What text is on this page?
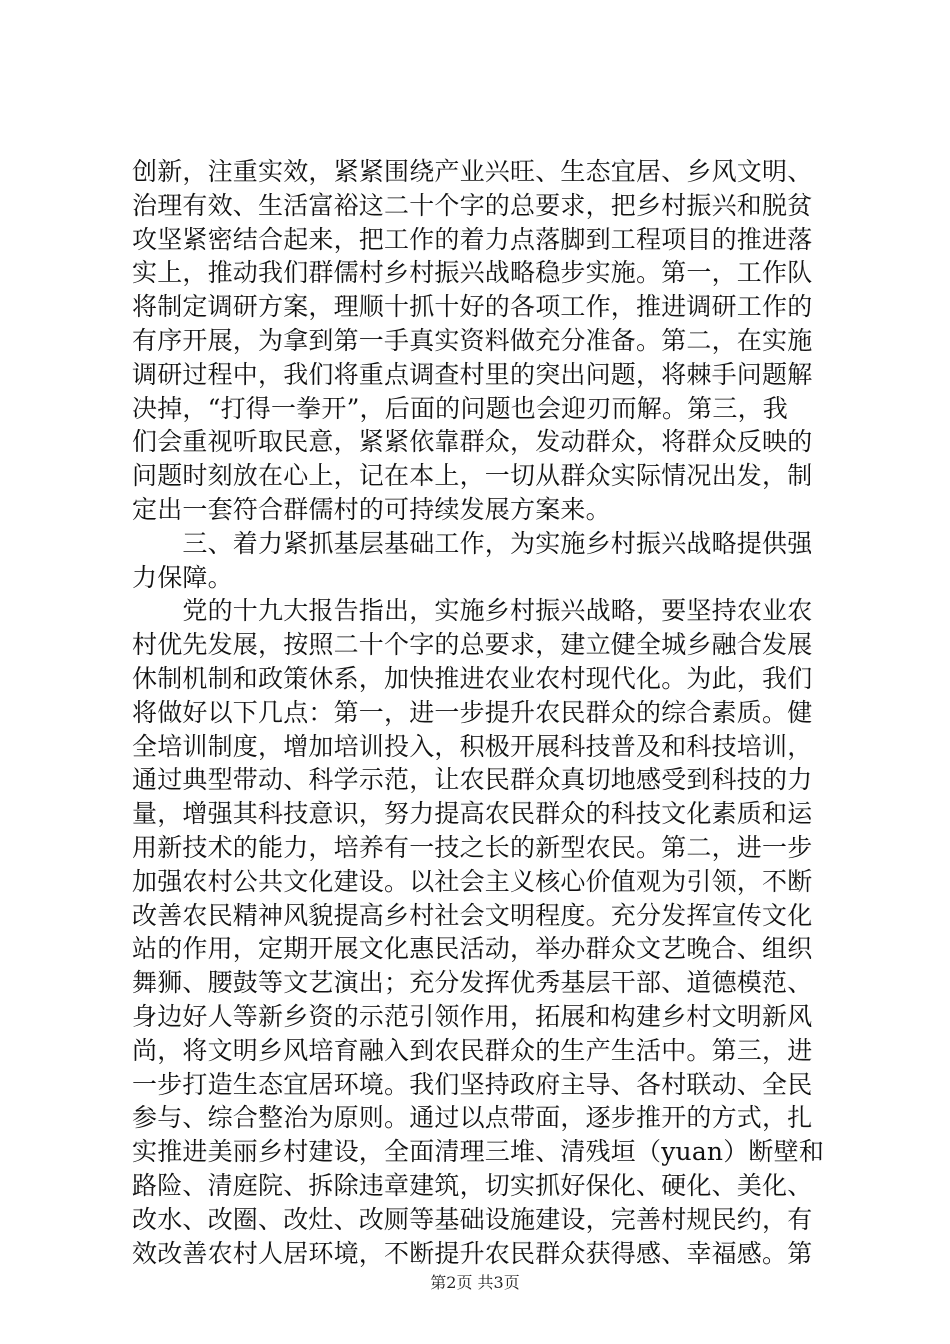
创新，注重实效，紧紧围绕产业兴旺、生态宜居、乡风文明、
治理有效、生活富裕这二十个字的总要求，把乡村振兴和脱贫
攻坚紧密结合起来，把工作的着力点落脚到工程项目的推进落
实上，推动我们群儒村乡村振兴战略稳步实施。第一，工作队
将制定调研方案，理顺十抓十好的各项工作，推进调研工作的
有序开展，为拿到第一手真实资料做充分准备。第二，在实施
调研过程中，我们将重点调查村里的突出问题，将棘手问题解
决掉，“打得一拳开”，后面的问题也会迎刃而解。第三，我
们会重视听取民意，紧紧依靠群众，发动群众，将群众反映的
问题时刻放在心上，记在本上，一切从群众实际情况出发，制
定出一套符合群儒村的可持续发展方案来。
　　三、着力紧抓基层基础工作，为实施乡村振兴战略提供强
力保障。
　　党的十九大报告指出，实施乡村振兴战略，要坚持农业农
村优先发展，按照二十个字的总要求，建立健全城乡融合发展
休制机制和政策休系，加快推进农业农村现代化。为此，我们
将做好以下几点：第一，进一步提升农民群众的综合素质。健
全培训制度，增加培训投入，积极开展科技普及和科技培训，
通过典型带动、科学示范，让农民群众真切地感受到科技的力
量，增强其科技意识，努力提高农民群众的科技文化素质和运
用新技术的能力，培养有一技之长的新型农民。第二，进一步
加强农村公共文化建设。以社会主义核心价值观为引领，不断
改善农民精神风貌提高乡村社会文明程度。充分发挥宣传文化
站的作用，定期开展文化惠民活动，举办群众文艺晚合、组织
舞狮、腰鼓等文艺演出；充分发挥优秀基层干部、道德模范、
身边好人等新乡资的示范引领作用，拓展和构建乡村文明新风
尚，将文明乡风培育融入到农民群众的生产生活中。第三，进
一步打造生态宜居环境。我们坚持政府主导、各村联动、全民
参与、综合整治为原则。通过以点带面，逐步推开的方式，扎
实推进美丽乡村建设，全面清理三堆、清残垣（yuan）断壁和
路险、清庭院、拆除违章建筑，切实抓好保化、硬化、美化、
改水、改圈、改灶、改厕等基础设施建设，完善村规民约，有
效改善农村人居环境，不断提升农民群众获得感、幸福感。第
第2页 共3页
